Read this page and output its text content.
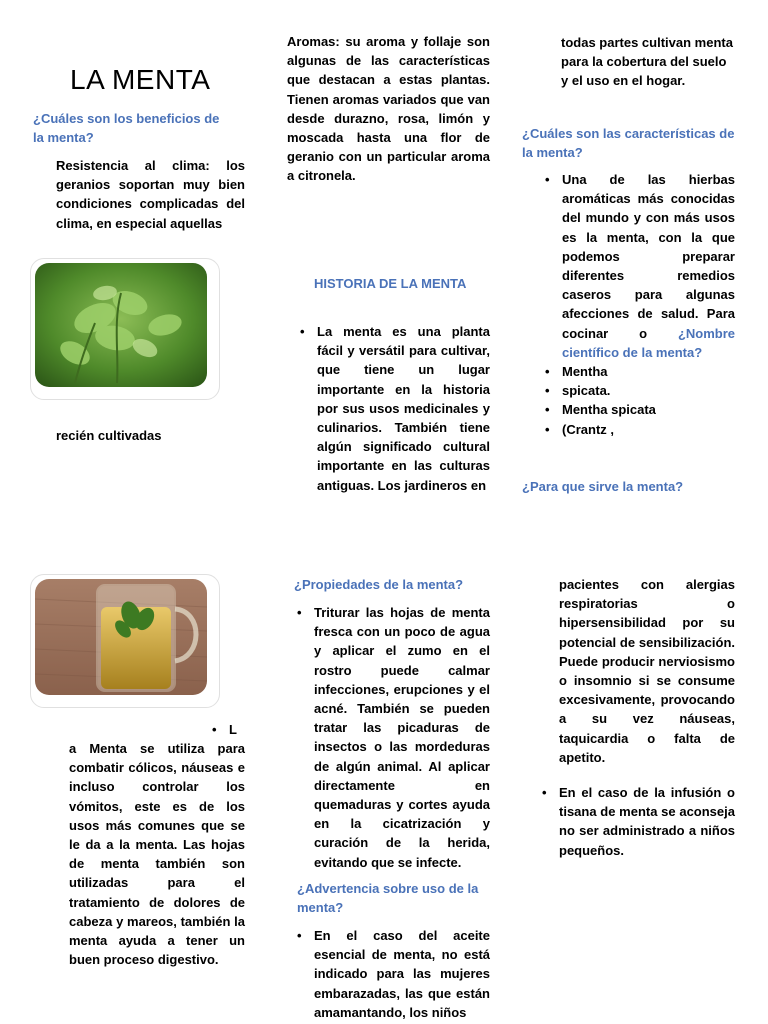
LA MENTA
¿Cuáles son los beneficios de la menta?
Resistencia al clima: los geranios soportan muy bien condiciones complicadas del clima, en especial aquellas
recién cultivadas
• L
a Menta se utiliza para combatir cólicos, náuseas e incluso controlar los vómitos, este es de los usos más comunes que se le da a la menta. Las hojas de menta también son utilizadas para el tratamiento de dolores de cabeza y mareos, también la menta ayuda a tener un buen proceso digestivo.
Aromas: su aroma y follaje son algunas de las características que destacan a estas plantas. Tienen aromas variados que van desde durazno, rosa, limón y moscada hasta una flor de geranio con un particular aroma a citronela.
HISTORIA DE LA MENTA
• La menta es una planta fácil y versátil para cultivar, que tiene un lugar importante en la historia por sus usos medicinales y culinarios. También tiene algún significado cultural importante en las culturas antiguas. Los jardineros en
¿Propiedades de la menta?
• Triturar las hojas de menta fresca con un poco de agua y aplicar el zumo en el rostro puede calmar infecciones, erupciones y el acné. También se pueden tratar las picaduras de insectos o las mordeduras de algún animal. Al aplicar directamente en quemaduras y cortes ayuda en la cicatrización y curación de la herida, evitando que se infecte.
¿Advertencia sobre uso de la menta?
• En el caso del aceite esencial de menta, no está indicado para las mujeres embarazadas, las que están amamantando, los niños
todas partes cultivan menta para la cobertura del suelo y el uso en el hogar.
¿Cuáles son las características de la menta?
• Una de las hierbas aromáticas más conocidas del mundo y con más usos es la menta, con la que podemos preparar diferentes remedios caseros para algunas afecciones de salud. Para cocinar o ¿Nombre científico de la menta?
• Mentha
• spicata.
• Mentha spicata
• (Crantz ,
¿Para que sirve la menta?
pacientes con alergias respiratorias o hipersensibilidad por su potencial de sensibilización. Puede producir nerviosismo o insomnio si se consume excesivamente, provocando a su vez náuseas, taquicardia o falta de apetito.
• En el caso de la infusión o tisana de menta se aconseja no ser administrado a niños pequeños.
